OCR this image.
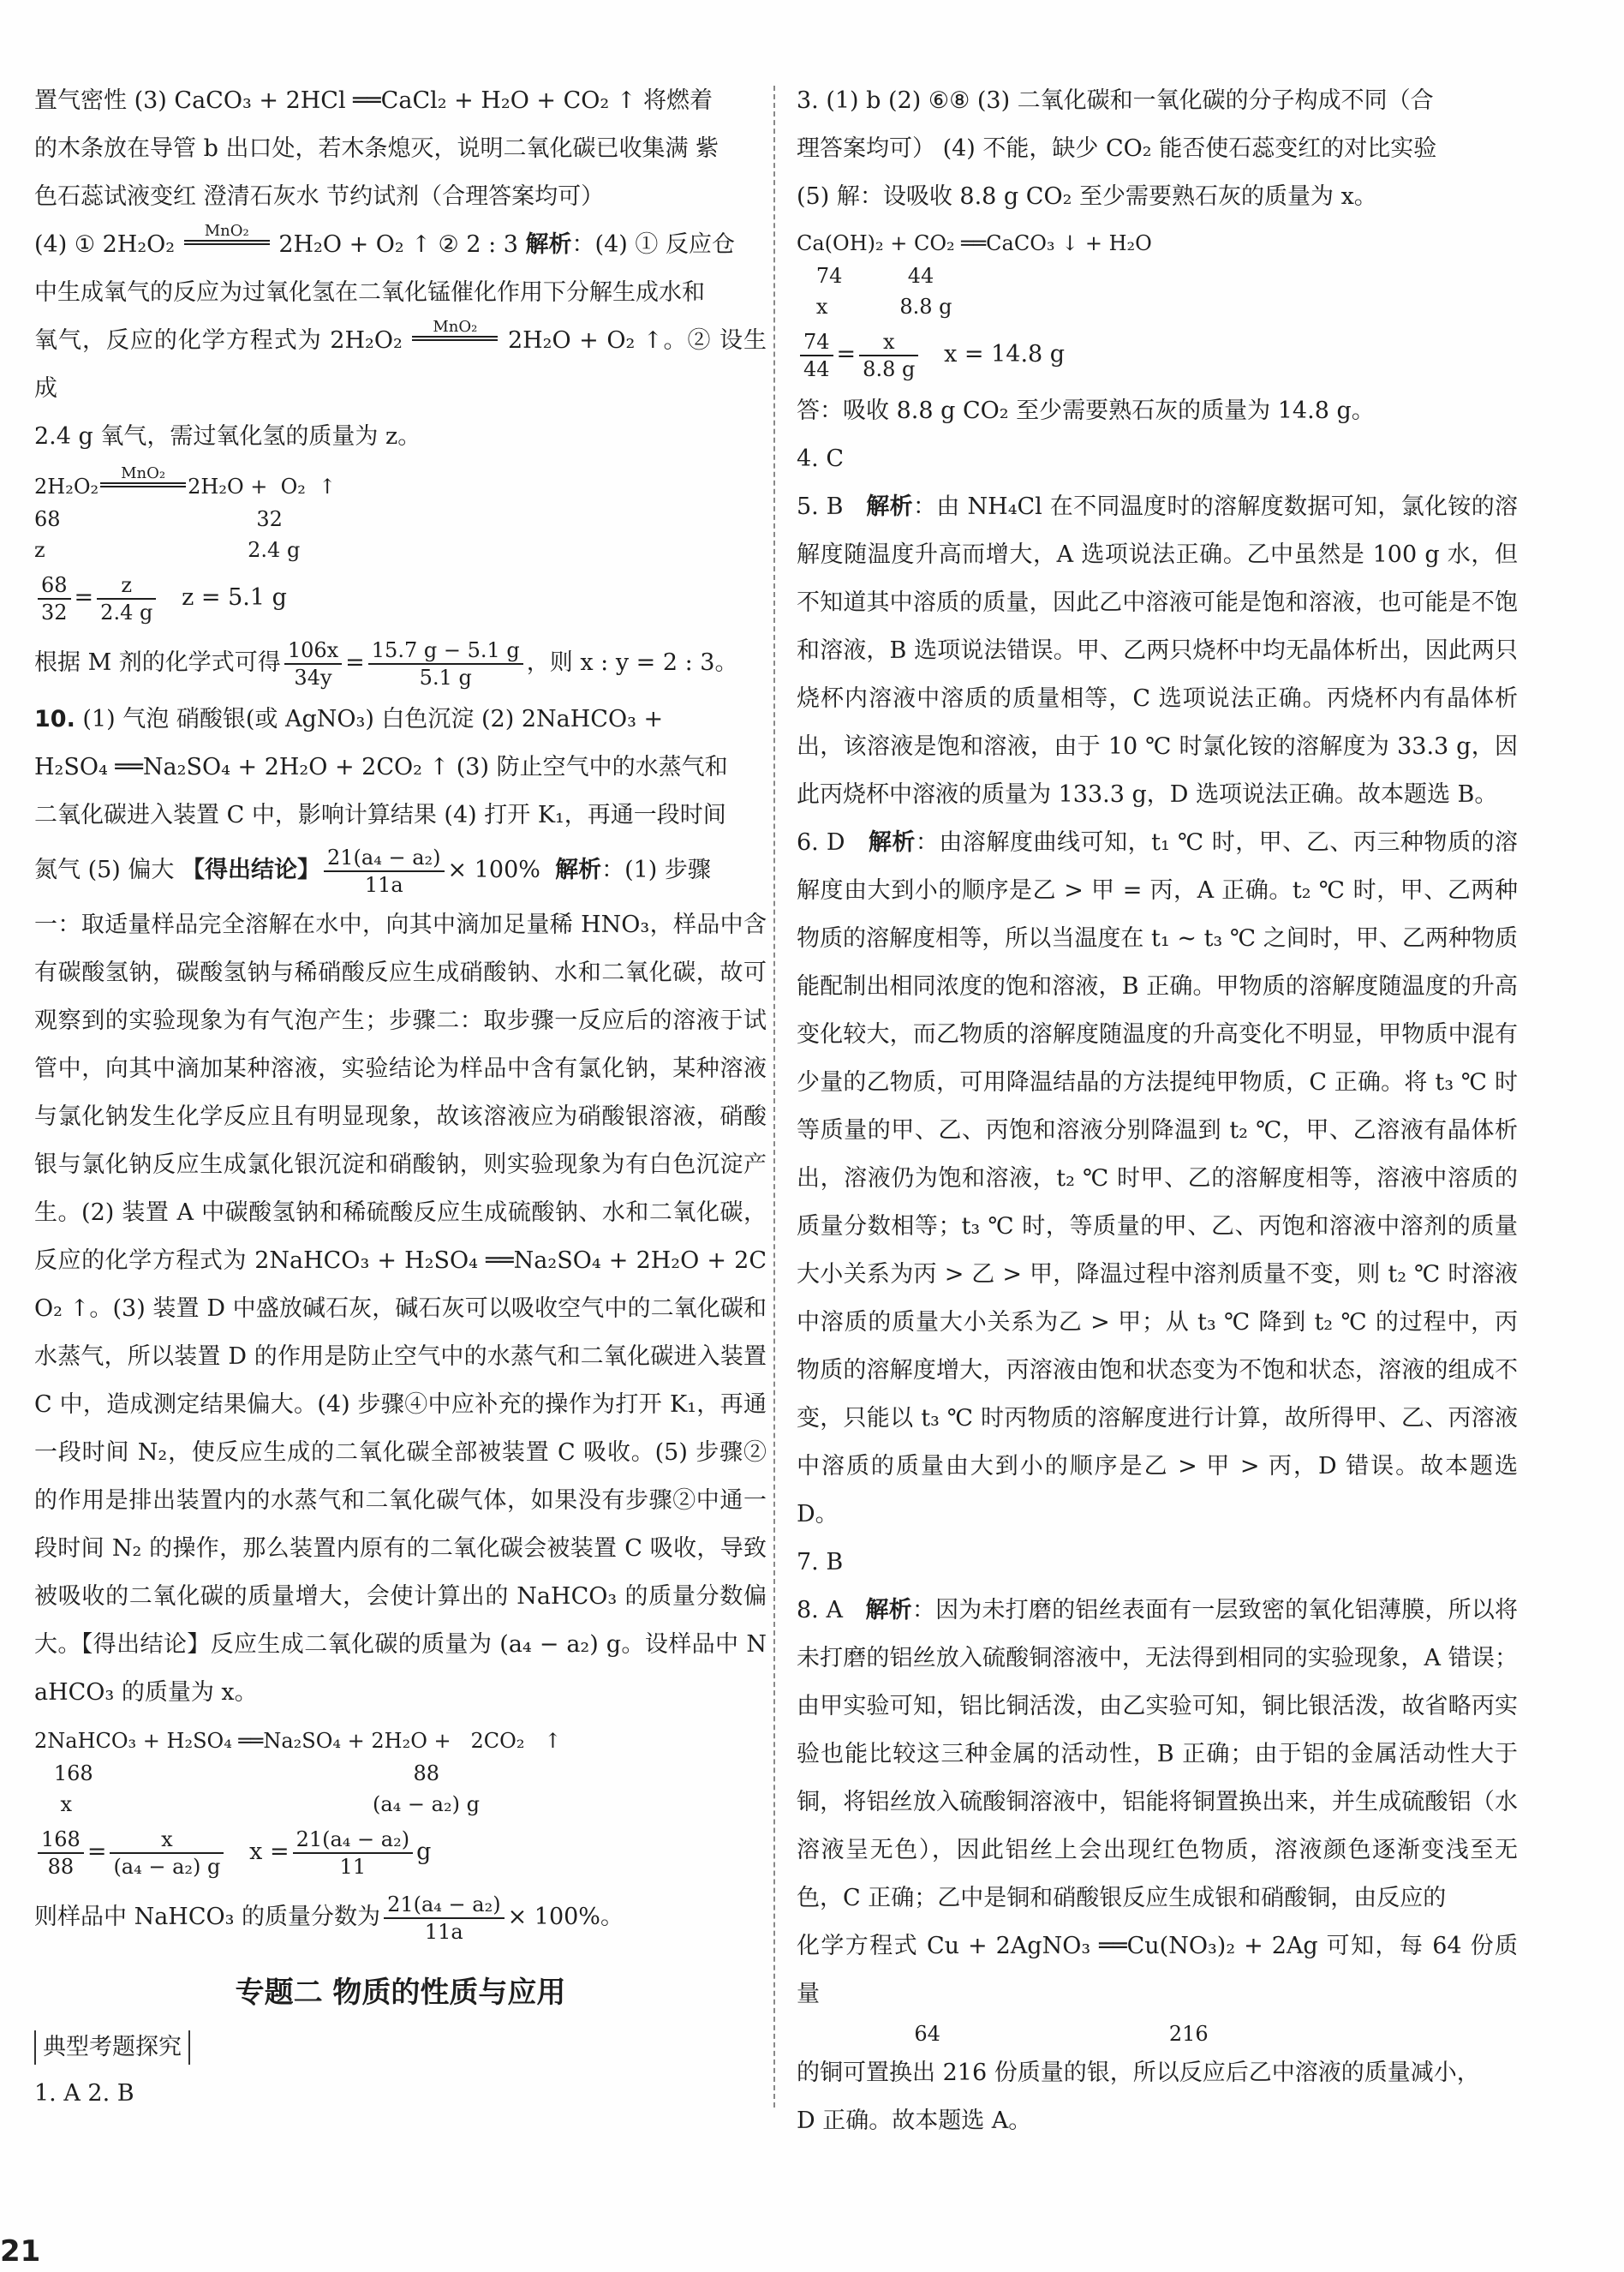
置气密性 (3) CaCO₃ + 2HCl ══CaCl₂ + H₂O + CO₂ ↑ 将燃着

的木条放在导管 b 出口处，若木条熄灭，说明二氧化碳已收集满 紫

色石蕊试液变红 澄清石灰水 节约试剂（合理答案均可）

(4) ① 2H₂O₂
MnO₂
2H₂O + O₂ ↑ ② 2 : 3 解析：(4) ① 反应仓

中生成氧气的反应为过氧化氢在二氧化锰催化作用下分解生成水和

氧气，反应的化学方程式为 2H₂O₂
MnO₂
2H₂O + O₂ ↑。② 设生成

2.4 g 氧气，需过氧化氢的质量为 z。

2H₂O₂
MnO₂
2H₂O +  O₂  ↑

68                              32

z                               2.4 g

$\frac{68}{32} = \frac{z}{2.4 g}$ z = 5.1 g

根据 M 剂的化学式可得 $\frac{106x}{34y} = \frac{15.7 g - 5.1 g}{5.1 g}$ ，则 x : y = 2 : 3。

10. (1) 气泡 硝酸银(或 AgNO₃) 白色沉淀 (2) 2NaHCO₃ +

H₂SO₄ ══Na₂SO₄ + 2H₂O + 2CO₂ ↑ (3) 防止空气中的水蒸气和

二氧化碳进入装置 C 中，影响计算结果 (4) 打开 K₁，再通一段时间

氮气 (5) 偏大 【得出结论】 $\frac{\text{21(a₄ − a₂)}}{11a} \times 100\%$ 解析：(1) 步骤

一：取适量样品完全溶解在水中，向其中滴加足量稀 HNO₃，样品中含有碳酸氢钠，碳酸氢钠与稀硝酸反应生成硝酸钠、水和二氧化碳，故可观察到的实验现象为有气泡产生；步骤二：取步骤一反应后的溶液于试管中，向其中滴加某种溶液，实验结论为样品中含有氯化钠，某种溶液与氯化钠发生化学反应且有明显现象，故该溶液应为硝酸银溶液，硝酸银与氯化钠反应生成氯化银沉淀和硝酸钠，则实验现象为有白色沉淀产生。(2) 装置 A 中碳酸氢钠和稀硫酸反应生成硫酸钠、水和二氧化碳，反应的化学方程式为 2NaHCO₃ + H₂SO₄ ══Na₂SO₄ + 2H₂O + 2CO₂ ↑。(3) 装置 D 中盛放碱石灰，碱石灰可以吸收空气中的二氧化碳和水蒸气，所以装置 D 的作用是防止空气中的水蒸气和二氧化碳进入装置 C 中，造成测定结果偏大。(4) 步骤④中应补充的操作为打开 K₁，再通一段时间 N₂，使反应生成的二氧化碳全部被装置 C 吸收。(5) 步骤②的作用是排出装置内的水蒸气和二氧化碳气体，如果没有步骤②中通一段时间 N₂ 的操作，那么装置内原有的二氧化碳会被装置 C 吸收，导致被吸收的二氧化碳的质量增大，会使计算出的 NaHCO₃ 的质量分数偏大。【得出结论】反应生成二氧化碳的质量为 (a₄ − a₂) g。设样品中 NaHCO₃ 的质量为 x。

2NaHCO₃ + H₂SO₄ ══Na₂SO₄ + 2H₂O +   2CO₂   ↑

168                                                 88

x                                              (a₄ − a₂) g

$\frac{168}{88} = \frac{x}{\text{(a₄ − a₂) g}}$ $x = \frac{\text{21(a₄ − a₂)}}{11}$ g

则样品中 NaHCO₃ 的质量分数为 $\frac{\text{21(a₄ − a₂)}}{11a} \times 100\%$。

专题二 物质的性质与应用
典型考题探究

1. A 2. B

3. (1) b (2) ⑥⑧ (3) 二氧化碳和一氧化碳的分子构成不同（合

理答案均可） (4) 不能，缺少 CO₂ 能否使石蕊变红的对比实验

(5) 解：设吸收 8.8 g CO₂ 至少需要熟石灰的质量为 x。

Ca(OH)₂ + CO₂ ══CaCO₃ ↓ + H₂O

74          44

x           8.8 g

$\frac{74}{44} = \frac{x}{8.8 g}$ x = 14.8 g

答：吸收 8.8 g CO₂ 至少需要熟石灰的质量为 14.8 g。

4. C

5. B 解析：由 NH₄Cl 在不同温度时的溶解度数据可知，氯化铵的溶解度随温度升高而增大，A 选项说法正确。乙中虽然是 100 g 水，但不知道其中溶质的质量，因此乙中溶液可能是饱和溶液，也可能是不饱和溶液，B 选项说法错误。甲、乙两只烧杯中均无晶体析出，因此两只烧杯内溶液中溶质的质量相等，C 选项说法正确。丙烧杯内有晶体析出，该溶液是饱和溶液，由于 10 ℃ 时氯化铵的溶解度为 33.3 g，因此丙烧杯中溶液的质量为 133.3 g，D 选项说法正确。故本题选 B。

6. D 解析：由溶解度曲线可知，t₁ ℃ 时，甲、乙、丙三种物质的溶解度由大到小的顺序是乙 > 甲 = 丙，A 正确。t₂ ℃ 时，甲、乙两种物质的溶解度相等，所以当温度在 t₁ ~ t₃ ℃ 之间时，甲、乙两种物质能配制出相同浓度的饱和溶液，B 正确。甲物质的溶解度随温度的升高变化较大，而乙物质的溶解度随温度的升高变化不明显，甲物质中混有少量的乙物质，可用降温结晶的方法提纯甲物质，C 正确。将 t₃ ℃ 时等质量的甲、乙、丙饱和溶液分别降温到 t₂ ℃，甲、乙溶液有晶体析出，溶液仍为饱和溶液，t₂ ℃ 时甲、乙的溶解度相等，溶液中溶质的质量分数相等；t₃ ℃ 时，等质量的甲、乙、丙饱和溶液中溶剂的质量大小关系为丙 > 乙 > 甲，降温过程中溶剂质量不变，则 t₂ ℃ 时溶液中溶质的质量大小关系为乙 > 甲；从 t₃ ℃ 降到 t₂ ℃ 的过程中，丙物质的溶解度增大，丙溶液由饱和状态变为不饱和状态，溶液的组成不变，只能以 t₃ ℃ 时丙物质的溶解度进行计算，故所得甲、乙、丙溶液中溶质的质量由大到小的顺序是乙 > 甲 > 丙，D 错误。故本题选 D。

7. B

8. A 解析：因为未打磨的铝丝表面有一层致密的氧化铝薄膜，所以将未打磨的铝丝放入硫酸铜溶液中，无法得到相同的实验现象，A 错误；由甲实验可知，铝比铜活泼，由乙实验可知，铜比银活泼，故省略丙实验也能比较这三种金属的活动性，B 正确；由于铝的金属活动性大于铜，将铝丝放入硫酸铜溶液中，铝能将铜置换出来，并生成硫酸铝（水溶液呈无色），因此铝丝上会出现红色物质，溶液颜色逐渐变浅至无色，C 正确；乙中是铜和硝酸银反应生成银和硝酸铜，由反应的

化学方程式 Cu + 2AgNO₃ ══Cu(NO₃)₂ + 2Ag 可知，每 64 份质量

64                                   216

的铜可置换出 216 份质量的银，所以反应后乙中溶液的质量减小，

D 正确。故本题选 A。

21
